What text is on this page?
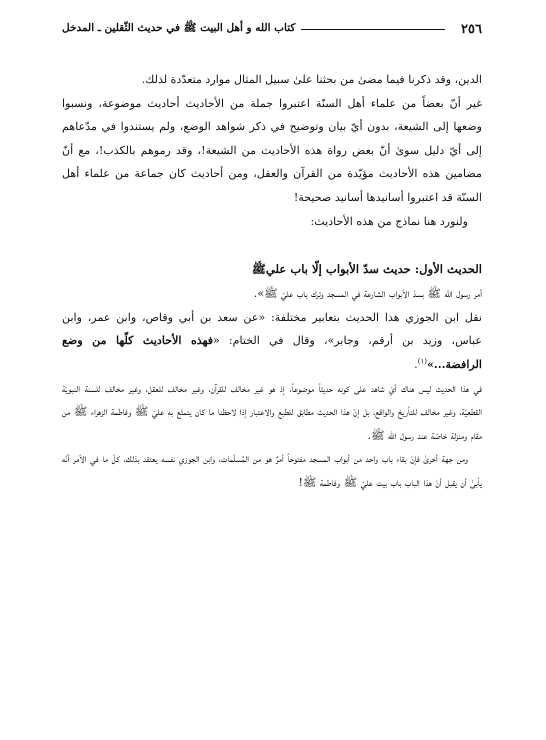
٢٥٦
كتاب الله و أهل البيت ﷺ في حديث الثّقلين ـ المدخل

الدين، وقد ذكرنا فيما مضىٰ من بحثنا علىٰ سبيل المثال موارد متعدّدة لذلك.

غير أنّ بعضاً من علماء أهل السنّة اعتبروا جملة من الأحاديث أحاديث موضوعة، ونسبوا وضعها إلى الشيعة، بدون أيّ بيان وتوضيح في ذكر شواهد الوضع، ولم يستندوا في مدّعاهم إلى أيّ دليل سوىٰ أنّ بعض رواة هذه الأحاديث من الشيعة!، وقد رموهم بالكذب!، مع أنّ مضامين هذه الأحاديث مؤيّدة من القرآن والعقل، ومن أحاديث كان جماعة من علماء أهل السنّة قد اعتبروا أسانيدها أسانيد صحيحة!

ولنورد هنا نماذج من هذه الأحاديث:

الحديث الأول: حديث سدّ الأبواب إلّا باب عليﷺ

أمر رسول الله ﷺ بسدّ الأبواب الشارعة في المسجد وترك باب عليّ ﷺ».

نقل ابن الجوزي هذا الحديث بتعابير مختلفة: «عن سعد بن أبي وقاص، وابن عمر، وابن عباس، وزيد بن أرقم، وجابر»، وقال في الختام: «فهذه الأحاديث كلّها من وضع الرافضة...»$^{(١)}$.

في هذا الحديث ليس هناك أيّ شاهد على كونه حديثاً موضوعاً، إذ هو غير مخالف للقرآن، وغير مخالف للعقل، وغير مخالف للسنة النبويّة القطعيّة، وغير مخالف للتأريخ والواقع، بل إنّ هذا الحديث مطابق للطبع والاعتبار إذا لاحظنا ما كان يتمتّع به عليّ ﷺ وفاطمة الزهراء ﷺ من مقام ومنزلة خاصّة عند رسول الله ﷺ.

ومن جهة أخرىٰ فإنّ بقاء باب واحد من أبواب المسجد مفتوحاً أمرٌ هو من المُسلّمات، وابن الجوزي نفسه يعتقد بذلك، كلّ ما في الأمر أنّه يأبىٰ أن يقبل أنّ هذا الباب باب بيت عليّ ﷺ وفاطمة ﷺ!
